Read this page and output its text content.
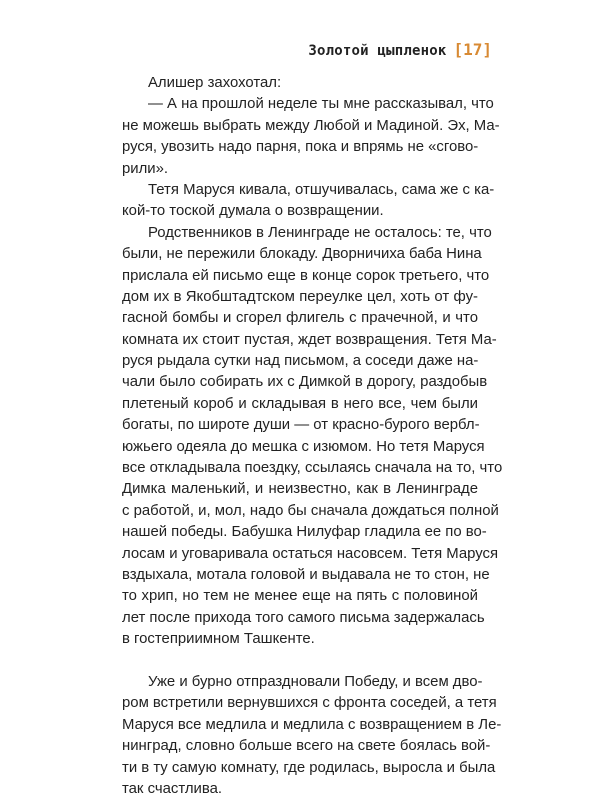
Золотой цыпленок [17]
Алишер захохотал:
— А на прошлой неделе ты мне рассказывал, что
не можешь выбрать между Любой и Мадиной. Эх, Ма-
руся, увозить надо парня, пока и впрямь не «сгово-
рили».
Тетя Маруся кивала, отшучивалась, сама же с ка-
кой-то тоской думала о возвращении.
Родственников в Ленинграде не осталось: те, что
были, не пережили блокаду. Дворничиха баба Нина
прислала ей письмо еще в конце сорок третьего, что
дом их в Якобштадтском переулке цел, хоть от фу-
гасной бомбы и сгорел флигель с прачечной, и что
комната их стоит пустая, ждет возвращения. Тетя Ма-
руся рыдала сутки над письмом, а соседи даже на-
чали было собирать их с Димкой в дорогу, раздобыв
плетеный короб и складывая в него все, чем были
богаты, по широте души — от красно-бурого вербл-
южьего одеяла до мешка с изюмом. Но тетя Маруся
все откладывала поездку, ссылаясь сначала на то, что
Димка маленький, и неизвестно, как в Ленинграде
с работой, и, мол, надо бы сначала дождаться полной
нашей победы. Бабушка Нилуфар гладила ее по во-
лосам и уговаривала остаться насовсем. Тетя Маруся
вздыхала, мотала головой и выдавала не то стон, не
то хрип, но тем не менее еще на пять с половиной
лет после прихода того самого письма задержалась
в гостеприимном Ташкенте.
Уже и бурно отпраздновали Победу, и всем дво-
ром встретили вернувшихся с фронта соседей, а тетя
Маруся все медлила и медлила с возвращением в Ле-
нинград, словно больше всего на свете боялась вой-
ти в ту самую комнату, где родилась, выросла и была
так счастлива.
